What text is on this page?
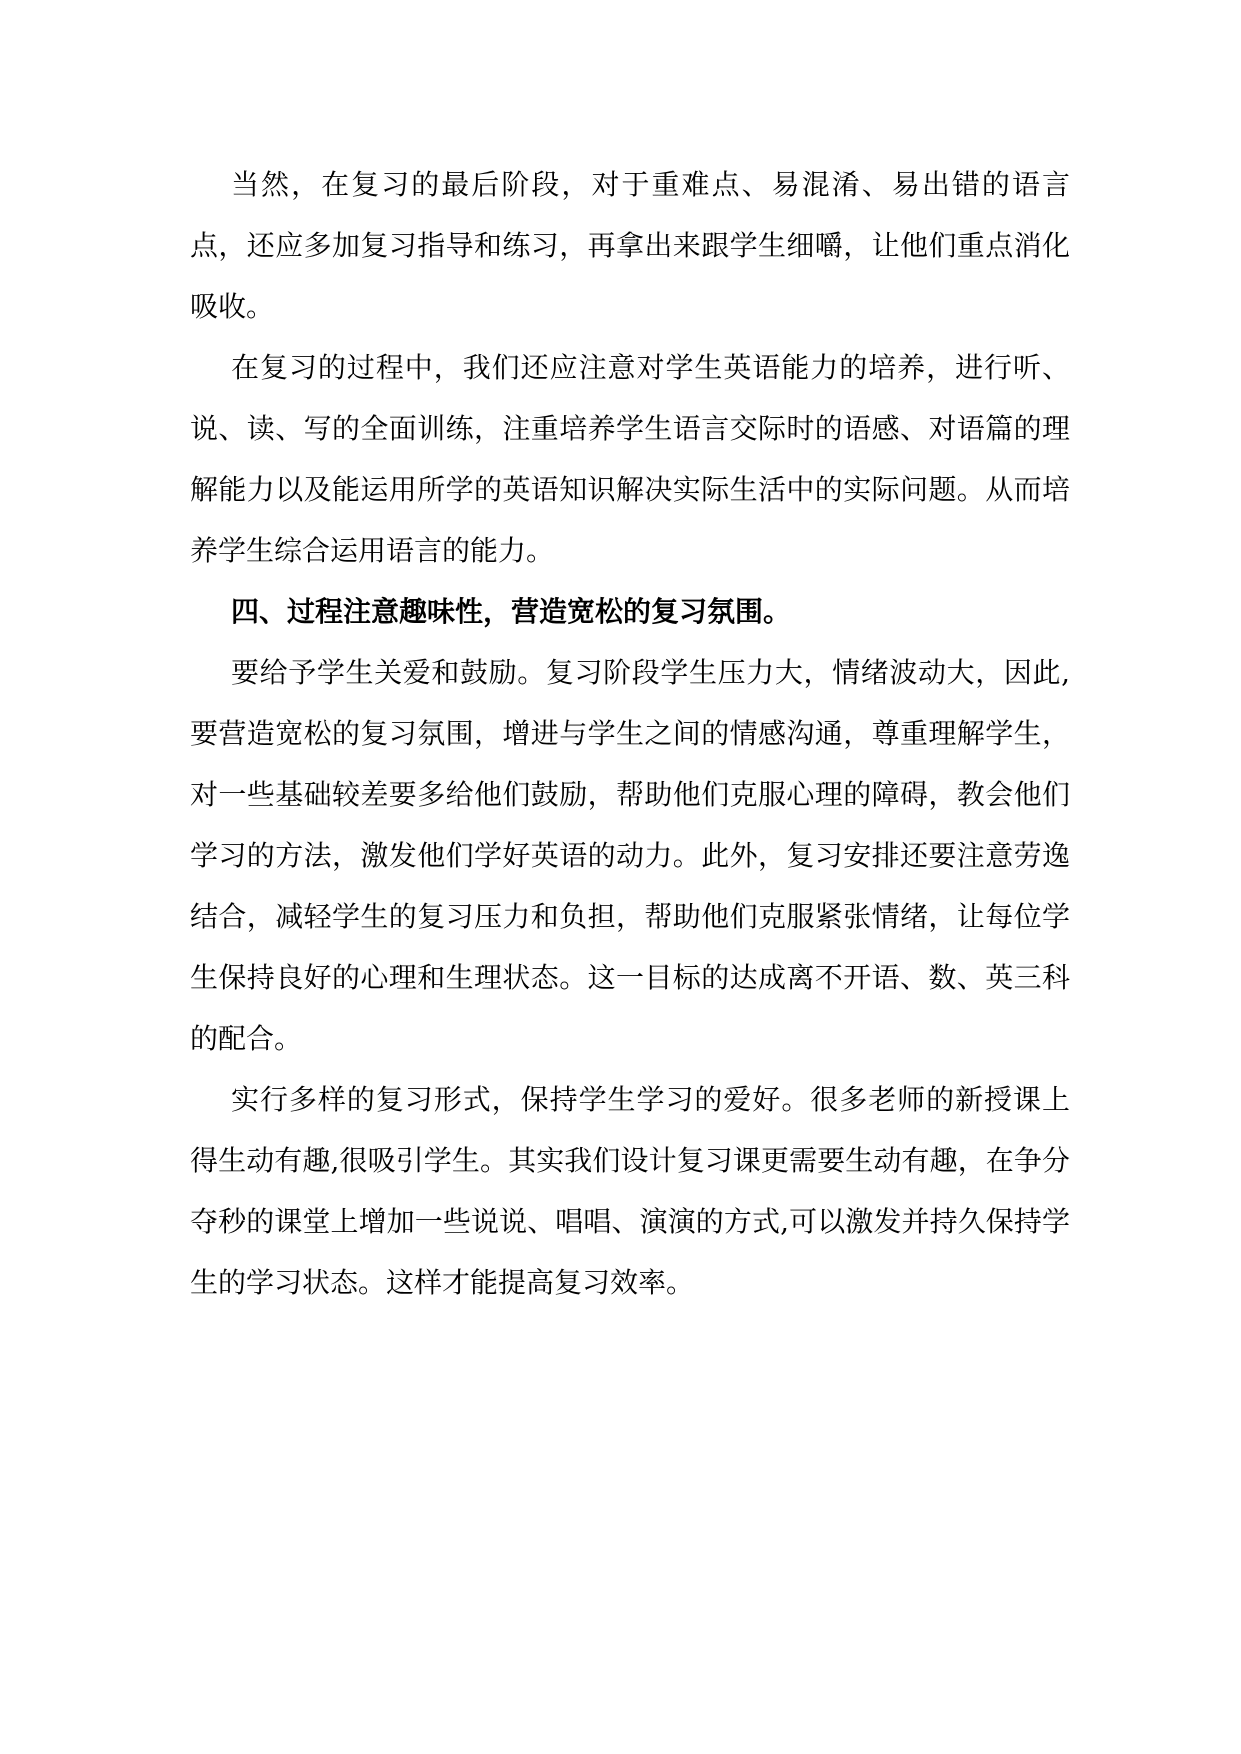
当然，在复习的最后阶段，对于重难点、易混淆、易出错的语言点，还应多加复习指导和练习，再拿出来跟学生细嚼，让他们重点消化吸收。

在复习的过程中，我们还应注意对学生英语能力的培养，进行听、说、读、写的全面训练，注重培养学生语言交际时的语感、对语篇的理解能力以及能运用所学的英语知识解决实际生活中的实际问题。从而培养学生综合运用语言的能力。

四、过程注意趣味性，营造宽松的复习氛围。

要给予学生关爱和鼓励。复习阶段学生压力大，情绪波动大，因此,要营造宽松的复习氛围，增进与学生之间的情感沟通，尊重理解学生，对一些基础较差要多给他们鼓励，帮助他们克服心理的障碍，教会他们学习的方法，激发他们学好英语的动力。此外，复习安排还要注意劳逸结合，减轻学生的复习压力和负担，帮助他们克服紧张情绪，让每位学生保持良好的心理和生理状态。这一目标的达成离不开语、数、英三科的配合。

实行多样的复习形式，保持学生学习的爱好。很多老师的新授课上得生动有趣,很吸引学生。其实我们设计复习课更需要生动有趣，在争分夺秒的课堂上增加一些说说、唱唱、演演的方式,可以激发并持久保持学生的学习状态。这样才能提高复习效率。
